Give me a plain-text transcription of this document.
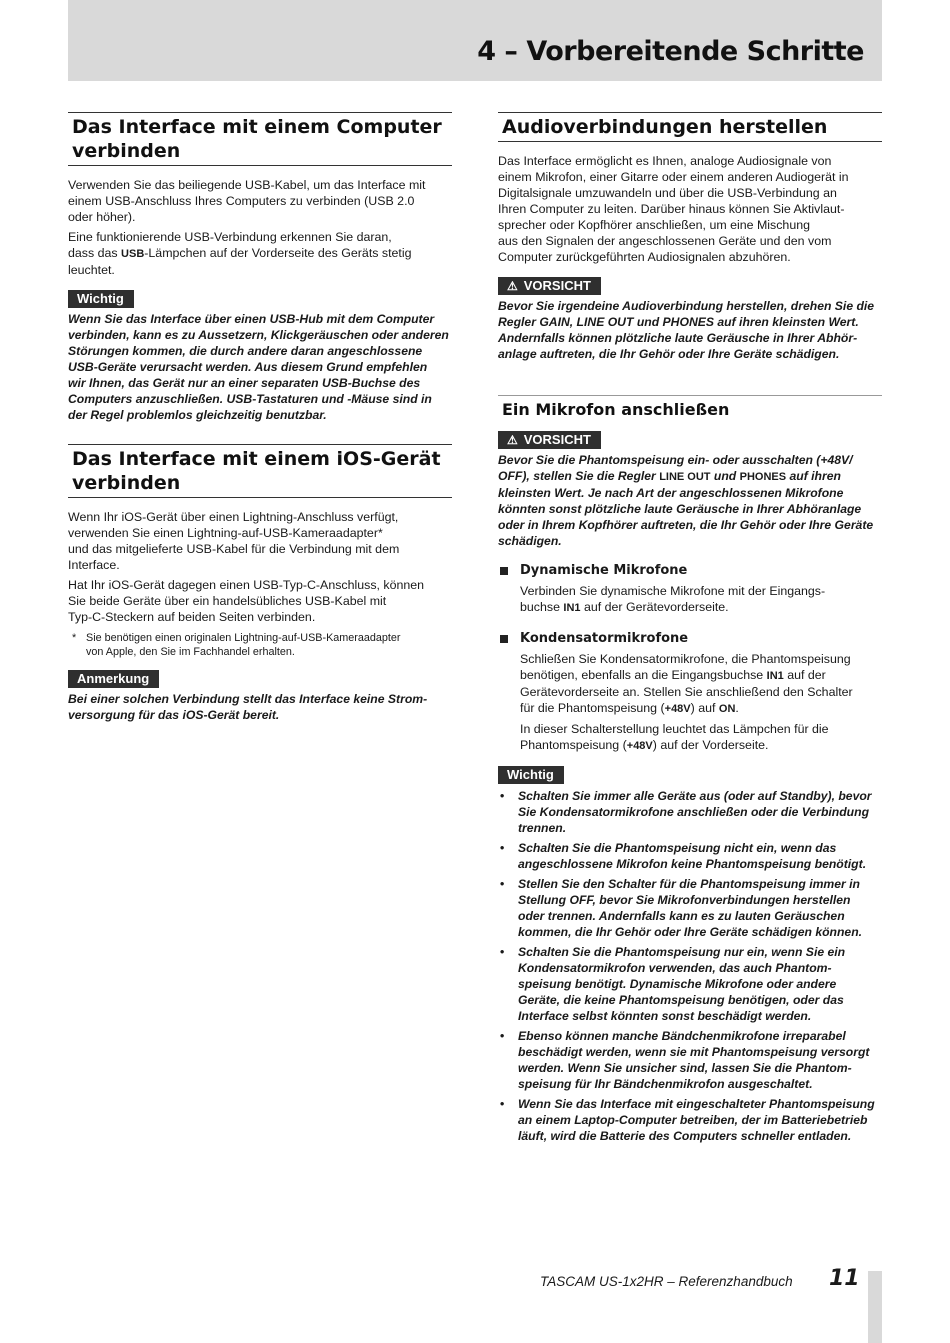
4 – Vorbereitende Schritte
Das Interface mit einem Computer
verbinden

Verwenden Sie das beiliegende USB-Kabel, um das Interface mit
einem USB-Anschluss Ihres Computers zu verbinden (USB 2.0
oder höher).

Eine funktionierende USB-Verbindung erkennen Sie daran,
dass das USB-Lämpchen auf der Vorderseite des Geräts stetig
leuchtet.

Wichtig

Wenn Sie das Interface über einen USB-Hub mit dem Computer
verbinden, kann es zu Aussetzern, Klickgeräuschen oder anderen
Störungen kommen, die durch andere daran angeschlossene
USB-Geräte verursacht werden. Aus diesem Grund empfehlen
wir Ihnen, das Gerät nur an einer separaten USB-Buchse des
Computers anzuschließen. USB-Tastaturen und -Mäuse sind in
der Regel problemlos gleichzeitig benutzbar.

Das Interface mit einem iOS-Gerät
verbinden

Wenn Ihr iOS-Gerät über einen Lightning-Anschluss verfügt,
verwenden Sie einen Lightning-auf-USB-Kameraadapter*
und das mitgelieferte USB-Kabel für die Verbindung mit dem
Interface.

Hat Ihr iOS-Gerät dagegen einen USB-Typ-C-Anschluss, können
Sie beide Geräte über ein handelsübliches USB-Kabel mit
Typ-C-Steckern auf beiden Seiten verbinden.

* Sie benötigen einen originalen Lightning-auf-USB-Kameraadapter
von Apple, den Sie im Fachhandel erhalten.

Anmerkung

Bei einer solchen Verbindung stellt das Interface keine Strom-
versorgung für das iOS-Gerät bereit.

Audioverbindungen herstellen

Das Interface ermöglicht es Ihnen, analoge Audiosignale von
einem Mikrofon, einer Gitarre oder einem anderen Audiogerät in
Digitalsignale umzuwandeln und über die USB-Verbindung an
Ihren Computer zu leiten. Darüber hinaus können Sie Aktivlaut-
sprecher oder Kopfhörer anschließen, um eine Mischung
aus den Signalen der angeschlossenen Geräte und den vom
Computer zurückgeführten Audiosignalen abzuhören.

⚠ VORSICHT

Bevor Sie irgendeine Audioverbindung herstellen, drehen Sie die
Regler GAIN, LINE OUT und PHONES auf ihren kleinsten Wert.
Andernfalls können plötzliche laute Geräusche in Ihrer Abhör-
anlage auftreten, die Ihr Gehör oder Ihre Geräte schädigen.

Ein Mikrofon anschließen
⚠ VORSICHT

Bevor Sie die Phantomspeisung ein- oder ausschalten (+48V/
OFF), stellen Sie die Regler LINE OUT und PHONES auf ihren
kleinsten Wert. Je nach Art der angeschlossenen Mikrofone
könnten sonst plötzliche laute Geräusche in Ihrer Abhöranlage
oder in Ihrem Kopfhörer auftreten, die Ihr Gehör oder Ihre Geräte
schädigen.

Dynamische Mikrofone

Verbinden Sie dynamische Mikrofone mit der Eingangs-
buchse IN1 auf der Gerätevorderseite.

Kondensatormikrofone

Schließen Sie Kondensatormikrofone, die Phantomspeisung
benötigen, ebenfalls an die Eingangsbuchse IN1 auf der
Gerätevorderseite an. Stellen Sie anschließend den Schalter
für die Phantomspeisung (+48V) auf ON.

In dieser Schalterstellung leuchtet das Lämpchen für die
Phantomspeisung (+48V) auf der Vorderseite.

Wichtig
• Schalten Sie immer alle Geräte aus (oder auf Standby), bevor
Sie Kondensatormikrofone anschließen oder die Verbindung
trennen.
• Schalten Sie die Phantomspeisung nicht ein, wenn das
angeschlossene Mikrofon keine Phantomspeisung benötigt.
• Stellen Sie den Schalter für die Phantomspeisung immer in
Stellung OFF, bevor Sie Mikrofonverbindungen herstellen
oder trennen. Andernfalls kann es zu lauten Geräuschen
kommen, die Ihr Gehör oder Ihre Geräte schädigen können.
• Schalten Sie die Phantomspeisung nur ein, wenn Sie ein
Kondensatormikrofon verwenden, das auch Phantom-
speisung benötigt. Dynamische Mikrofone oder andere
Geräte, die keine Phantomspeisung benötigen, oder das
Interface selbst könnten sonst beschädigt werden.
• Ebenso können manche Bändchenmikrofone irreparabel
beschädigt werden, wenn sie mit Phantomspeisung versorgt
werden. Wenn Sie unsicher sind, lassen Sie die Phantom-
speisung für Ihr Bändchenmikrofon ausgeschaltet.
• Wenn Sie das Interface mit eingeschalteter Phantomspeisung
an einem Laptop-Computer betreiben, der im Batteriebetrieb
läuft, wird die Batterie des Computers schneller entladen.
TASCAM US-1x2HR – Referenzhandbuch 11
